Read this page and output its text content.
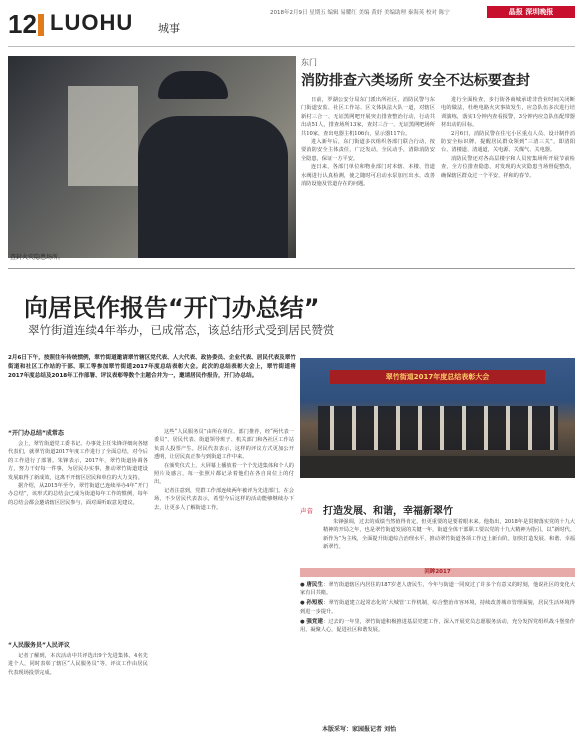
12 LUOHU 城事
2018年2月9日 星期五 编辑 易耀红 美编 黄妤 美编助理 秦海英 校对 陈宁	晶报 深圳晚报
查封火灾隐患场所。
东门
消防排查六类场所 安全不达标要查封

日前，罗湖公安分局东门派出所社区、消防民警与东门街道安监、社区工作站、区文体执法大队一道，对辖区新村三合一、无证黑网吧开展突击排查整治行动，行动共出动51人，排查场所13家，查封三合一、无证黑网吧场所共10家，查出电器主机106台，显示器117台。

进入新年后，东门街道多次组织各部门联合行动，按要消防安全主体责任，广泛发动，全民动手，清除消防安全隐患，保证一方平安。

连日来，各部门单位和物业部门对本辖、本楼、管道水阀进行认真检测，使之随时可启动水泵加压出水，改善消防设施及管道存在的问题。

进行全面检查，步行街各商城承诺非营业时间关闭断电的做法，杜绝电路火灾事故发生，应急队伍多次进行培训演练，落实1分钟内查看报警，3分钟内应急队伍配带器材出动的目标。

2月6日，消防民警在住宅小区重点人员、设计制作消防安全标识牌，提醒居民群众领到“三清三关”，即清阳台、清楼道、清通道，关电源、关煤气、关电器。

消防民警还对各高层楼宇和人员密集场所开展节前检查，全方位排查隐患，对发现的火灾隐患当场督促整改，确保辖区群众过一个平安、祥和的春节。

向居民作报告“开门办总结”
翠竹街道连续4年举办，已成常态，该总结形式受到居民赞赏
2月6日下午，按照往年传统惯例，翠竹街道邀请翠竹辖区党代表、人大代表、政协委员、企业代表、居民代表及翠竹街道和社区工作站的干部、职工等参加翠竹街道2017年度总结表彰大会。此次的总结表彰大会上，翠竹街道将2017年度总结及2018年工作部署、评议表彰等数个主题合并为一，邀请居民作报告，开门办总结。
“开门办总结”成常态

会上，翠竹街道党工委书记、办事处主任朱锋详细向各辖代表们，就翠竹街道2017年度工作进行了全面总结，对今后的工作进行了部署。朱锋表示，2017年，翠竹街道协调各方，努力干好每一件事，为居民办实事，推动翠竹街道建设发展取得了新成效，这离不开辖区居民和单位的大力支持。

据介绍，从2015年至今，翠竹街道已连续举办4年“开门办总结”，该形式的总结会已成为街道每年工作的惯例，每年的总结会都会邀请辖区居民参与，面对面听取意见建议。

“人民服务员”人民评议

记者了解到，本次活动中共评选出9个先进集体，4名先进个人，同时表彰了辖区“人民服务员”等，评议工作由居民代表现场投票完成。

这些“人民服务员”由所在单位、部门推荐，经“两代表一委员”、居民代表、街道领导班子、机关部门和各社区工作站负责人投票产生。居民代表表示，这样的评议方式更加公开透明，让居民真正参与到街道工作中来。

在颁奖仪式上，大屏幕上播放着一个个先进集体和个人的照片及感言，每一张照片都记录着他们在各自岗位上的付出。

记者注意到，党群工作部连续两年被评为先进部门。在会场，不少居民代表表示，希望今后这样的活动能够继续办下去，让更多人了解街道工作。

翠竹街道2017年度总结表彰大会
声音	打造发展、和谐，幸福新翠竹
朱锋强调，过去的成绩当然值得肯定，但更重要的是要着眼未来。他指出，2018年是贯彻落实党的十九大精神的开局之年，也是翠竹街道发展的关键一年，街道全体干部职工要以党的十九大精神为指引，以“新时代、新作为”为主线，全面提升街道综合治理水平，推动翠竹街道各项工作迈上新台阶。加快打造发展、和谐、幸福新翠竹。
回眸2017

● 唐民生：翠竹街道辖区内居住的187岁老人唐民生，今年与街道一同度过了许多个有意义的时刻，他说社区的变化大家有目共睹。

● 孙短板：翠竹街道建立起常态化的‘大城管’工作机制，综合整治市容环境，持续改善城市管理面貌，居民生活环境得到进一步提升。

● 强党建：过去的一年里，翠竹街道积极推进基层党建工作，深入开展党员志愿服务活动，充分发挥党组织战斗堡垒作用，凝聚人心，促进社区和谐发展。

本版采写：家园报记者 刘怡
